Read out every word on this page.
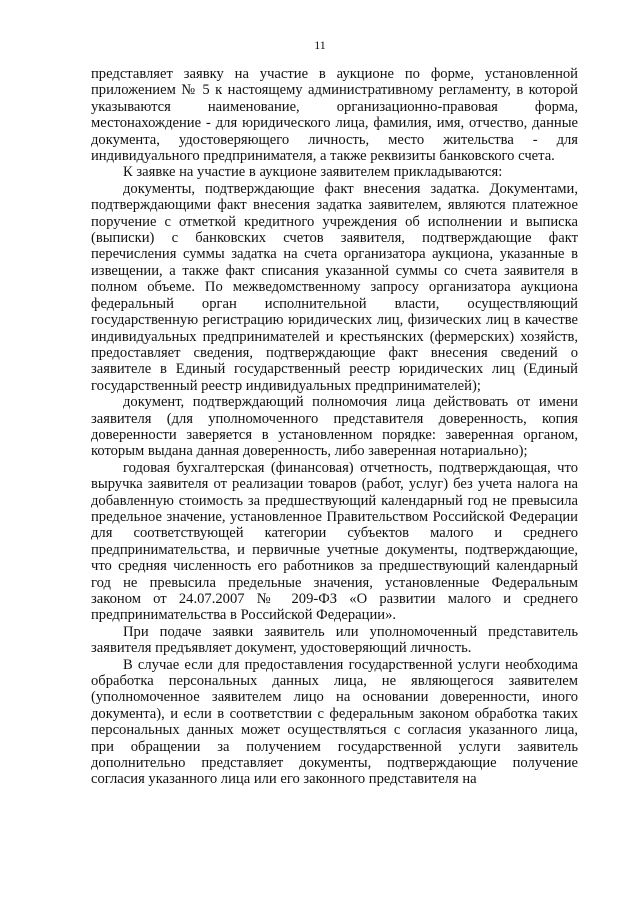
11

представляет заявку на участие в аукционе по форме, установленной приложением № 5 к настоящему административному регламенту, в которой указываются наименование, организационно-правовая форма, местонахождение - для юридического лица, фамилия, имя, отчество, данные документа, удостоверяющего личность, место жительства - для индивидуального предпринимателя, а также реквизиты банковского счета.

К заявке на участие в аукционе заявителем прикладываются:

документы, подтверждающие факт внесения задатка. Документами, подтверждающими факт внесения задатка заявителем, являются платежное поручение с отметкой кредитного учреждения об исполнении и выписка (выписки) с банковских счетов заявителя, подтверждающие факт перечисления суммы задатка на счета организатора аукциона, указанные в извещении, а также факт списания указанной суммы со счета заявителя в полном объеме. По межведомственному запросу организатора аукциона федеральный орган исполнительной власти, осуществляющий государственную регистрацию юридических лиц, физических лиц в качестве индивидуальных предпринимателей и крестьянских (фермерских) хозяйств, предоставляет сведения, подтверждающие факт внесения сведений о заявителе в Единый государственный реестр юридических лиц (Единый государственный реестр индивидуальных предпринимателей);

документ, подтверждающий полномочия лица действовать от имени заявителя (для уполномоченного представителя доверенность, копия доверенности заверяется в установленном порядке: заверенная органом, которым выдана данная доверенность, либо заверенная нотариально);

годовая бухгалтерская (финансовая) отчетность, подтверждающая, что выручка заявителя от реализации товаров (работ, услуг) без учета налога на добавленную стоимость за предшествующий календарный год не превысила предельное значение, установленное Правительством Российской Федерации для соответствующей категории субъектов малого и среднего предпринимательства, и первичные учетные документы, подтверждающие, что средняя численность его работников за предшествующий календарный год не превысила предельные значения, установленные Федеральным законом от 24.07.2007 № 209-ФЗ «О развитии малого и среднего предпринимательства в Российской Федерации».

При подаче заявки заявитель или уполномоченный представитель заявителя предъявляет документ, удостоверяющий личность.

В случае если для предоставления государственной услуги необходима обработка персональных данных лица, не являющегося заявителем (уполномоченное заявителем лицо на основании доверенности, иного документа), и если в соответствии с федеральным законом обработка таких персональных данных может осуществляться с согласия указанного лица, при обращении за получением государственной услуги заявитель дополнительно представляет документы, подтверждающие получение согласия указанного лица или его законного представителя на
